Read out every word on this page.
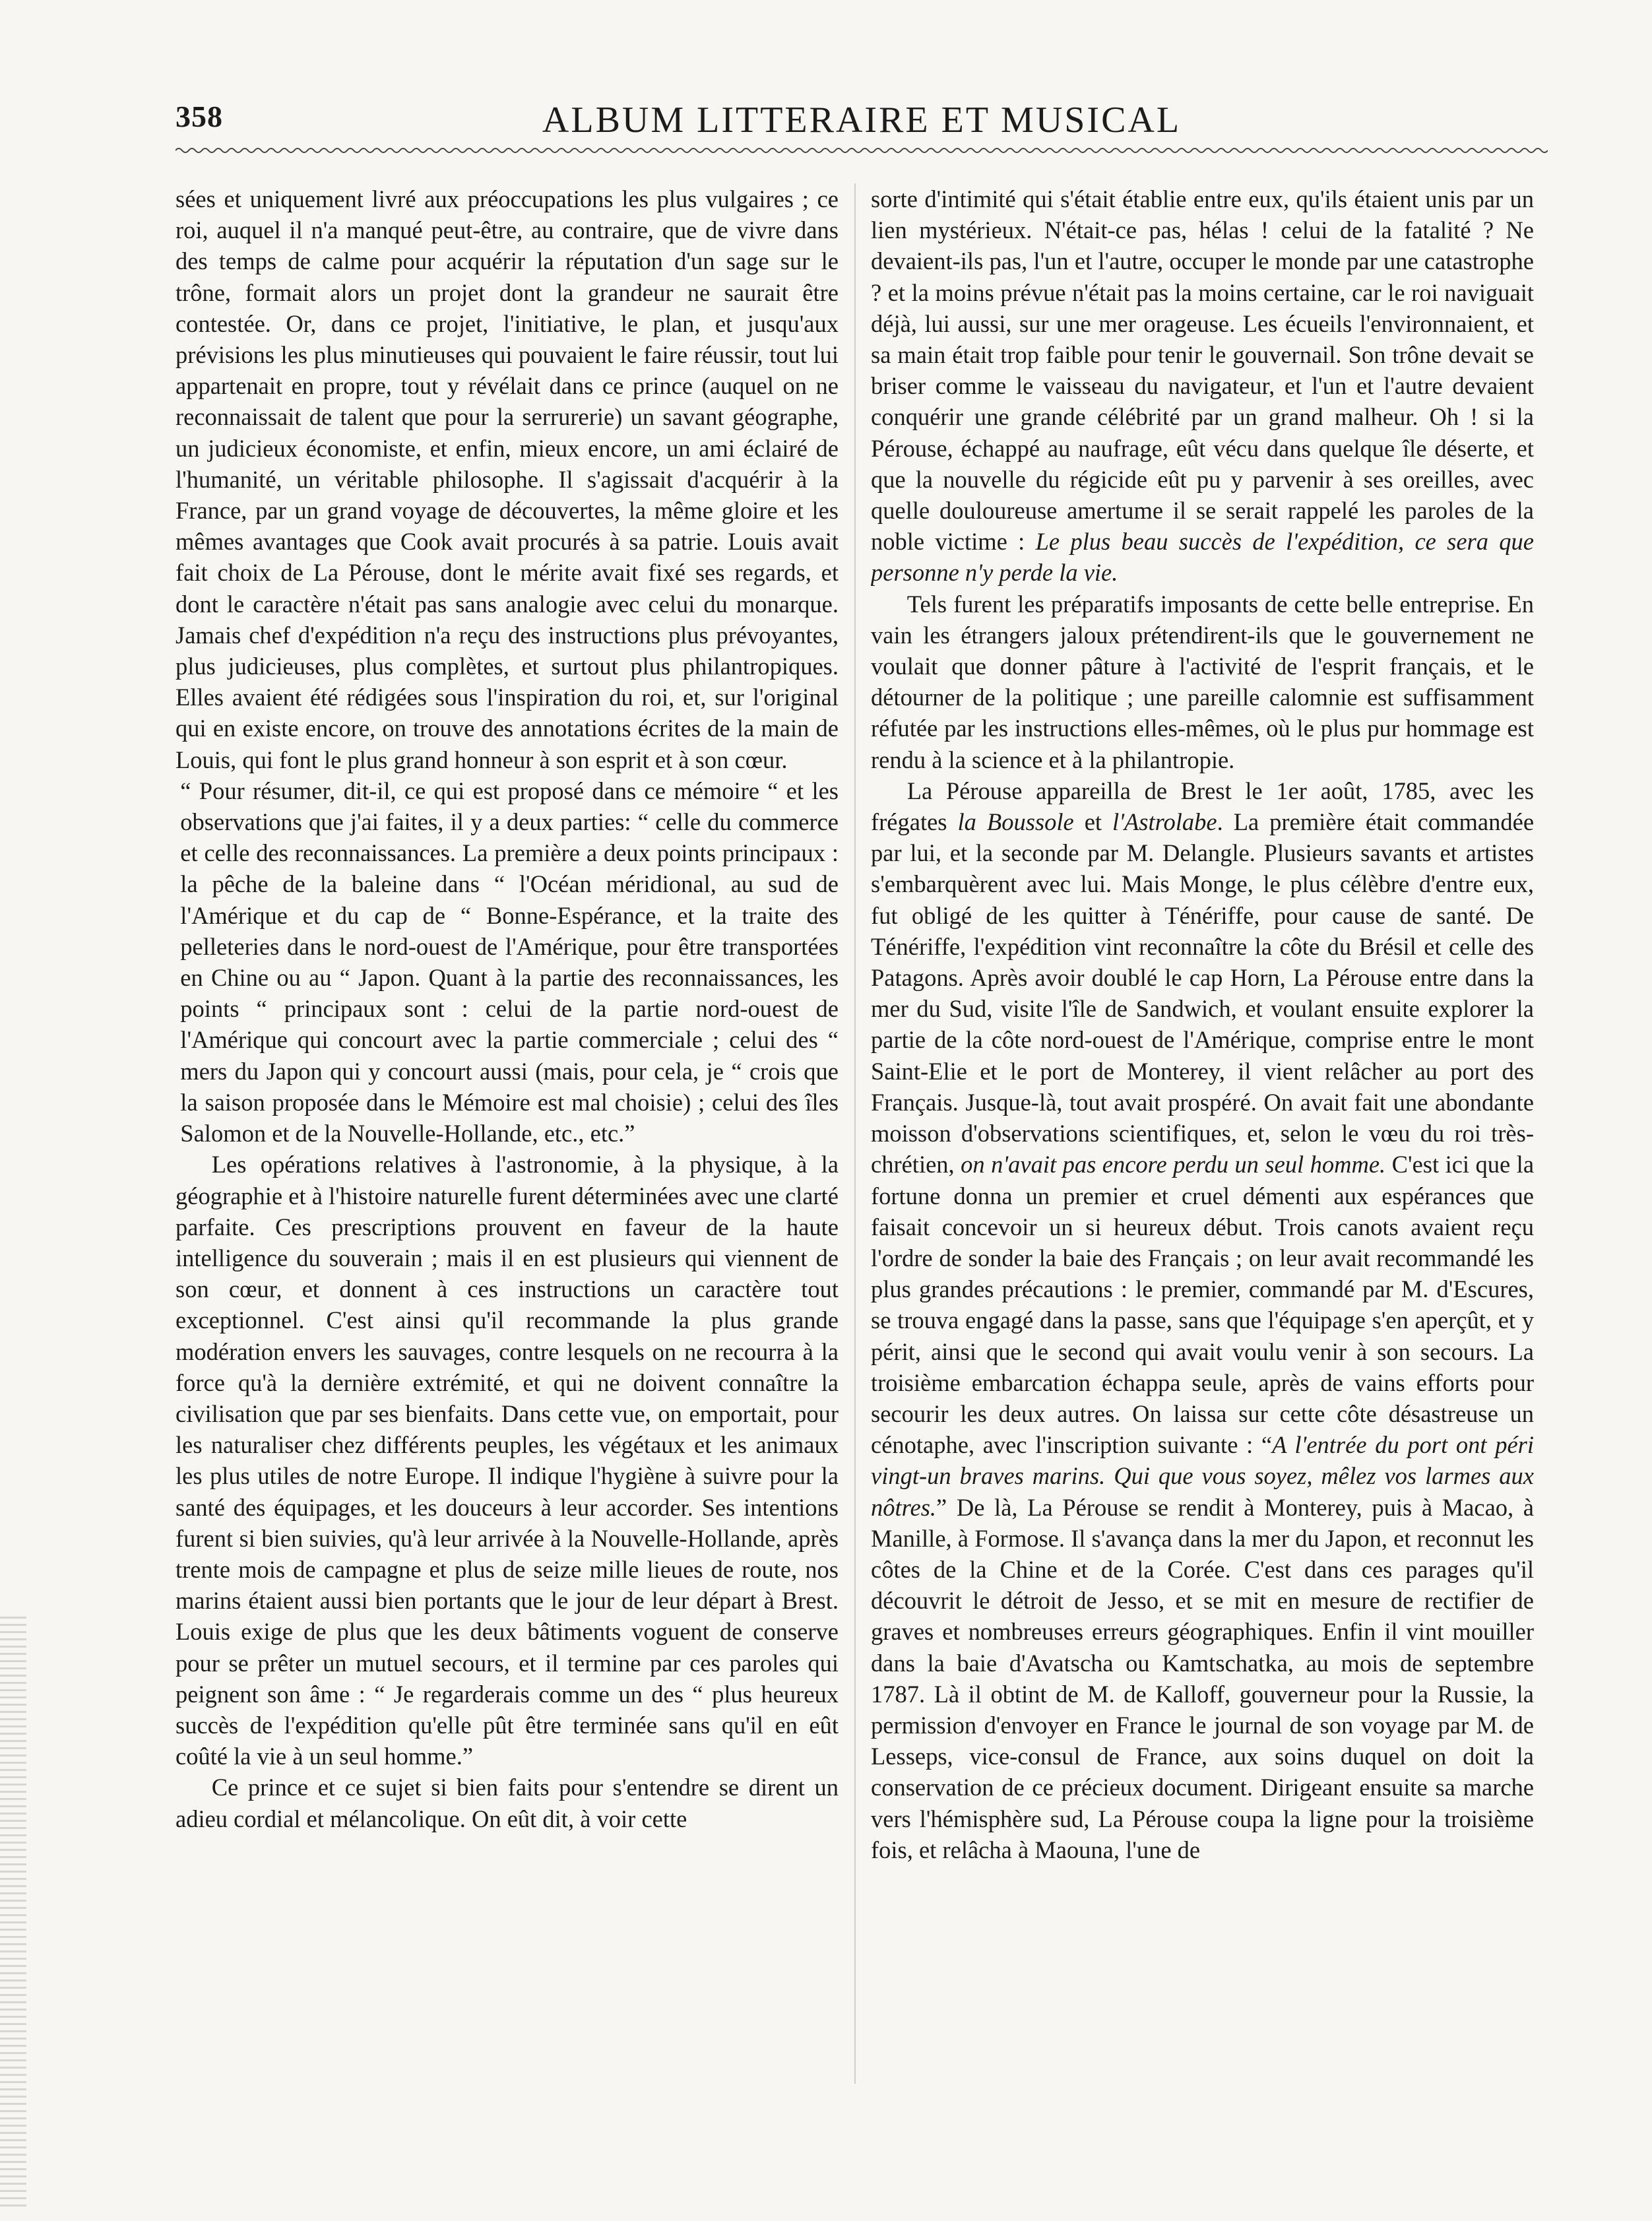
358	ALBUM LITTERAIRE ET MUSICAL

sées et uniquement livré aux préoccupations les plus vulgaires ; ce roi, auquel il n'a manqué peut-être, au contraire, que de vivre dans des temps de calme pour acquérir la réputation d'un sage sur le trône, formait alors un projet dont la grandeur ne saurait être contestée. Or, dans ce projet, l'initiative, le plan, et jusqu'aux prévisions les plus minutieuses qui pouvaient le faire réussir, tout lui appartenait en propre, tout y révélait dans ce prince (auquel on ne reconnaissait de talent que pour la serrurerie) un savant géographe, un judicieux économiste, et enfin, mieux encore, un ami éclairé de l'humanité, un véritable philosophe. Il s'agissait d'acquérir à la France, par un grand voyage de découvertes, la même gloire et les mêmes avantages que Cook avait procurés à sa patrie. Louis avait fait choix de La Pérouse, dont le mérite avait fixé ses regards, et dont le caractère n'était pas sans analogie avec celui du monarque. Jamais chef d'expédition n'a reçu des instructions plus prévoyantes, plus judicieuses, plus complètes, et surtout plus philantropiques. Elles avaient été rédigées sous l'inspiration du roi, et, sur l'original qui en existe encore, on trouve des annotations écrites de la main de Louis, qui font le plus grand honneur à son esprit et à son cœur.

“ Pour résumer, dit-il, ce qui est proposé dans ce mémoire “ et les observations que j'ai faites, il y a deux parties: “ celle du commerce et celle des reconnaissances. La première a deux points principaux : la pêche de la baleine dans “ l'Océan méridional, au sud de l'Amérique et du cap de “ Bonne-Espérance, et la traite des pelleteries dans le nord-ouest de l'Amérique, pour être transportées en Chine ou au “ Japon. Quant à la partie des reconnaissances, les points “ principaux sont : celui de la partie nord-ouest de l'Amérique qui concourt avec la partie commerciale ; celui des “ mers du Japon qui y concourt aussi (mais, pour cela, je “ crois que la saison proposée dans le Mémoire est mal choisie) ; celui des îles Salomon et de la Nouvelle-Hollande, etc., etc.”

Les opérations relatives à l'astronomie, à la physique, à la géographie et à l'histoire naturelle furent déterminées avec une clarté parfaite. Ces prescriptions prouvent en faveur de la haute intelligence du souverain ; mais il en est plusieurs qui viennent de son cœur, et donnent à ces instructions un caractère tout exceptionnel. C'est ainsi qu'il recommande la plus grande modération envers les sauvages, contre lesquels on ne recourra à la force qu'à la dernière extrémité, et qui ne doivent connaître la civilisation que par ses bienfaits. Dans cette vue, on emportait, pour les naturaliser chez différents peuples, les végétaux et les animaux les plus utiles de notre Europe. Il indique l'hygiène à suivre pour la santé des équipages, et les douceurs à leur accorder. Ses intentions furent si bien suivies, qu'à leur arrivée à la Nouvelle-Hollande, après trente mois de campagne et plus de seize mille lieues de route, nos marins étaient aussi bien portants que le jour de leur départ à Brest. Louis exige de plus que les deux bâtiments voguent de conserve pour se prêter un mutuel secours, et il termine par ces paroles qui peignent son âme : “ Je regarderais comme un des “ plus heureux succès de l'expédition qu'elle pût être terminée sans qu'il en eût coûté la vie à un seul homme.”

Ce prince et ce sujet si bien faits pour s'entendre se dirent un adieu cordial et mélancolique. On eût dit, à voir cette

sorte d'intimité qui s'était établie entre eux, qu'ils étaient unis par un lien mystérieux. N'était-ce pas, hélas ! celui de la fatalité ? Ne devaient-ils pas, l'un et l'autre, occuper le monde par une catastrophe ? et la moins prévue n'était pas la moins certaine, car le roi naviguait déjà, lui aussi, sur une mer orageuse. Les écueils l'environnaient, et sa main était trop faible pour tenir le gouvernail. Son trône devait se briser comme le vaisseau du navigateur, et l'un et l'autre devaient conquérir une grande célébrité par un grand malheur. Oh ! si la Pérouse, échappé au naufrage, eût vécu dans quelque île déserte, et que la nouvelle du régicide eût pu y parvenir à ses oreilles, avec quelle douloureuse amertume il se serait rappelé les paroles de la noble victime : Le plus beau succès de l'expédition, ce sera que personne n'y perde la vie.

Tels furent les préparatifs imposants de cette belle entreprise. En vain les étrangers jaloux prétendirent-ils que le gouvernement ne voulait que donner pâture à l'activité de l'esprit français, et le détourner de la politique ; une pareille calomnie est suffisamment réfutée par les instructions elles-mêmes, où le plus pur hommage est rendu à la science et à la philantropie.

La Pérouse appareilla de Brest le 1er août, 1785, avec les frégates la Boussole et l'Astrolabe. La première était commandée par lui, et la seconde par M. Delangle. Plusieurs savants et artistes s'embarquèrent avec lui. Mais Monge, le plus célèbre d'entre eux, fut obligé de les quitter à Ténériffe, pour cause de santé. De Ténériffe, l'expédition vint reconnaître la côte du Brésil et celle des Patagons. Après avoir doublé le cap Horn, La Pérouse entre dans la mer du Sud, visite l'île de Sandwich, et voulant ensuite explorer la partie de la côte nord-ouest de l'Amérique, comprise entre le mont Saint-Elie et le port de Monterey, il vient relâcher au port des Français. Jusque-là, tout avait prospéré. On avait fait une abondante moisson d'observations scientifiques, et, selon le vœu du roi très-chrétien, on n'avait pas encore perdu un seul homme. C'est ici que la fortune donna un premier et cruel démenti aux espérances que faisait concevoir un si heureux début. Trois canots avaient reçu l'ordre de sonder la baie des Français ; on leur avait recommandé les plus grandes précautions : le premier, commandé par M. d'Escures, se trouva engagé dans la passe, sans que l'équipage s'en aperçût, et y périt, ainsi que le second qui avait voulu venir à son secours. La troisième embarcation échappa seule, après de vains efforts pour secourir les deux autres. On laissa sur cette côte désastreuse un cénotaphe, avec l'inscription suivante : “A l'entrée du port ont péri vingt-un braves marins. Qui que vous soyez, mêlez vos larmes aux nôtres.” De là, La Pérouse se rendit à Monterey, puis à Macao, à Manille, à Formose. Il s'avança dans la mer du Japon, et reconnut les côtes de la Chine et de la Corée. C'est dans ces parages qu'il découvrit le détroit de Jesso, et se mit en mesure de rectifier de graves et nombreuses erreurs géographiques. Enfin il vint mouiller dans la baie d'Avatscha ou Kamtschatka, au mois de septembre 1787. Là il obtint de M. de Kalloff, gouverneur pour la Russie, la permission d'envoyer en France le journal de son voyage par M. de Lesseps, vice-consul de France, aux soins duquel on doit la conservation de ce précieux document. Dirigeant ensuite sa marche vers l'hémisphère sud, La Pérouse coupa la ligne pour la troisième fois, et relâcha à Maouna, l'une de
